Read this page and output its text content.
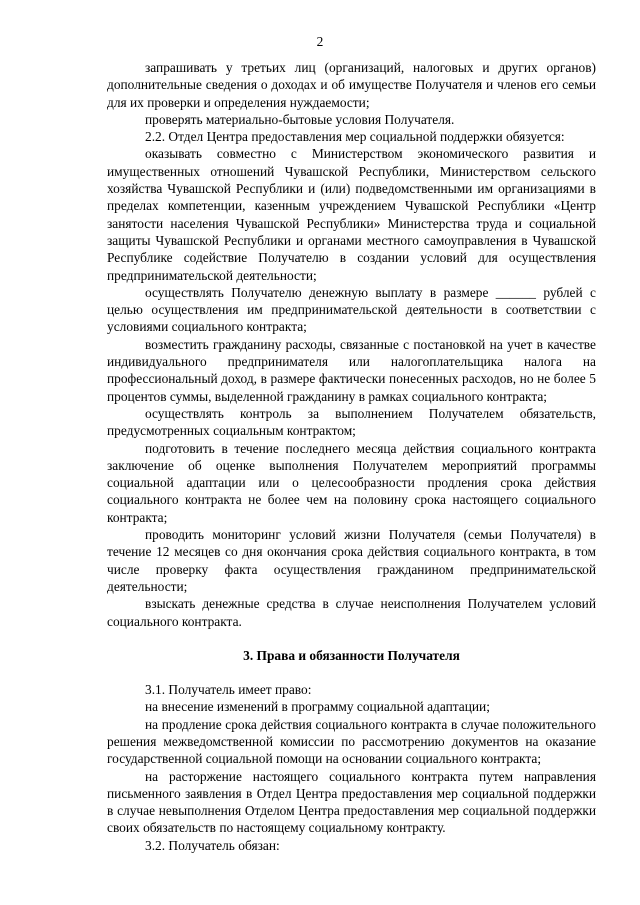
2

запрашивать у третьих лиц (организаций, налоговых и других органов) дополнительные сведения о доходах и об имуществе Получателя и членов его семьи для их проверки и определения нуждаемости;

проверять материально-бытовые условия Получателя.

2.2. Отдел Центра предоставления мер социальной поддержки обязуется:

оказывать совместно с Министерством экономического развития и имущественных отношений Чувашской Республики, Министерством сельского хозяйства Чувашской Республики и (или) подведомственными им организациями в пределах компетенции, казенным учреждением Чувашской Республики «Центр занятости населения Чувашской Республики» Министерства труда и социальной защиты Чувашской Республики и органами местного самоуправления в Чувашской Республике содействие Получателю в создании условий для осуществления предпринимательской деятельности;

осуществлять Получателю денежную выплату в размере ______ рублей с целью осуществления им предпринимательской деятельности в соответствии с условиями социального контракта;

возместить гражданину расходы, связанные с постановкой на учет в качестве индивидуального предпринимателя или налогоплательщика налога на профессиональный доход, в размере фактически понесенных расходов, но не более 5 процентов суммы, выделенной гражданину в рамках социального контракта;

осуществлять контроль за выполнением Получателем обязательств, предусмотренных социальным контрактом;

подготовить в течение последнего месяца действия социального контракта заключение об оценке выполнения Получателем мероприятий программы социальной адаптации или о целесообразности продления срока действия социального контракта не более чем на половину срока настоящего социального контракта;

проводить мониторинг условий жизни Получателя (семьи Получателя) в течение 12 месяцев со дня окончания срока действия социального контракта, в том числе проверку факта осуществления гражданином предпринимательской деятельности;

взыскать денежные средства в случае неисполнения Получателем условий социального контракта.

3. Права и обязанности Получателя

3.1. Получатель имеет право:

на внесение изменений в программу социальной адаптации;

на продление срока действия социального контракта в случае положительного решения межведомственной комиссии по рассмотрению документов на оказание государственной социальной помощи на основании социального контракта;

на расторжение настоящего социального контракта путем направления письменного заявления в Отдел Центра предоставления мер социальной поддержки в случае невыполнения Отделом Центра предоставления мер социальной поддержки своих обязательств по настоящему социальному контракту.

3.2. Получатель обязан:
